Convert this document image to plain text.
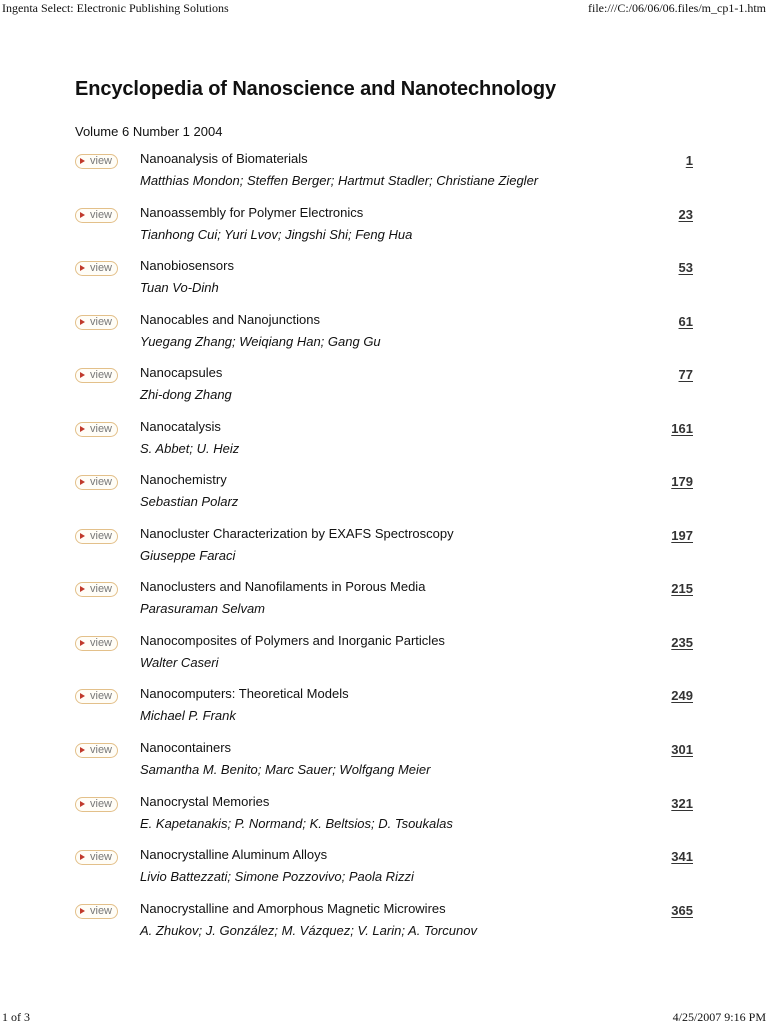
Ingenta Select: Electronic Publishing Solutions	file:///C:/06/06/06.files/m_cp1-1.htm
Encyclopedia of Nanoscience and Nanotechnology
Volume 6 Number 1 2004
view Nanoanalysis of Biomaterials
Matthias Mondon; Steffen Berger; Hartmut Stadler; Christiane Ziegler
1
view Nanoassembly for Polymer Electronics
Tianhong Cui; Yuri Lvov; Jingshi Shi; Feng Hua
23
view Nanobiosensors
Tuan Vo-Dinh
53
view Nanocables and Nanojunctions
Yuegang Zhang; Weiqiang Han; Gang Gu
61
view Nanocapsules
Zhi-dong Zhang
77
view Nanocatalysis
S. Abbet; U. Heiz
161
view Nanochemistry
Sebastian Polarz
179
view Nanocluster Characterization by EXAFS Spectroscopy
Giuseppe Faraci
197
view Nanoclusters and Nanofilaments in Porous Media
Parasuraman Selvam
215
view Nanocomposites of Polymers and Inorganic Particles
Walter Caseri
235
view Nanocomputers: Theoretical Models
Michael P. Frank
249
view Nanocontainers
Samantha M. Benito; Marc Sauer; Wolfgang Meier
301
view Nanocrystal Memories
E. Kapetanakis; P. Normand; K. Beltsios; D. Tsoukalas
321
view Nanocrystalline Aluminum Alloys
Livio Battezzati; Simone Pozzovivo; Paola Rizzi
341
view Nanocrystalline and Amorphous Magnetic Microwires
A. Zhukov; J. González; M. Vázquez; V. Larin; A. Torcunov
365
1 of 3	4/25/2007 9:16 PM
